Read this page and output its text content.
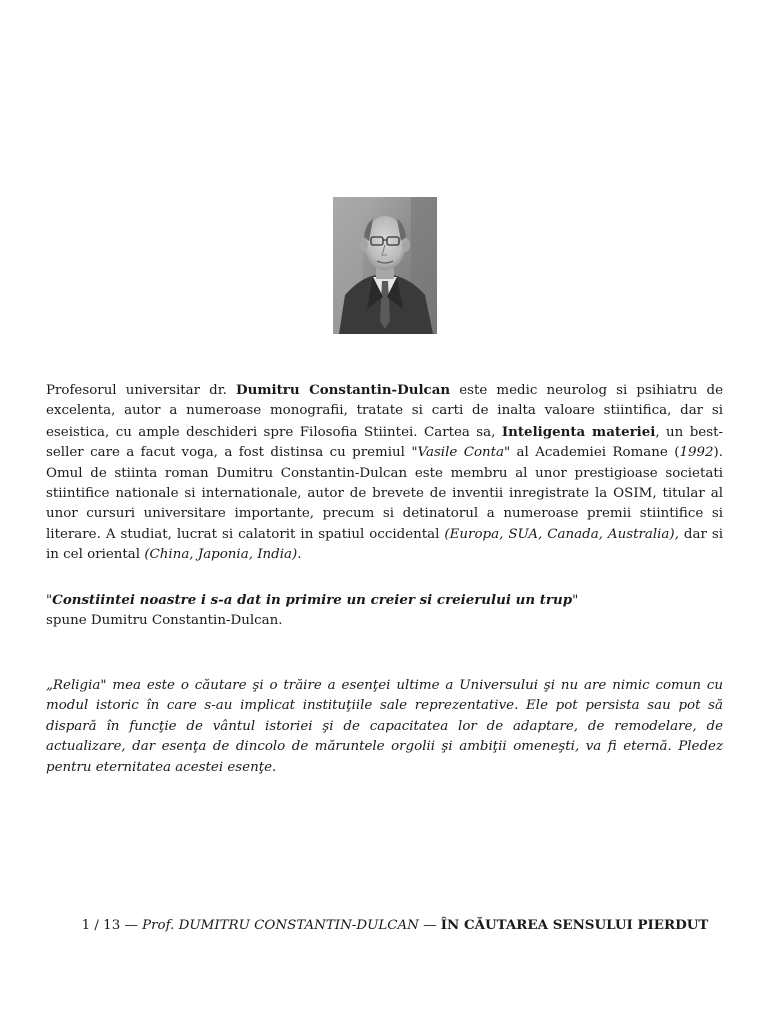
Profesorul universitar dr. Dumitru Constantin-Dulcan este medic neurolog si psihiatru de excelenta, autor a numeroase monografii, tratate si carti de inalta valoare stiintifica, dar si eseistica, cu ample deschideri spre Filosofia Stiintei. Cartea sa, Inteligenta materiei, un best-seller care a facut voga, a fost distinsa cu premiul "Vasile Conta" al Academiei Romane (1992). Omul de stiinta roman Dumitru Constantin-Dulcan este membru al unor prestigioase societati stiintifice nationale si internationale, autor de brevete de inventii inregistrate la OSIM, titular al unor cursuri universitare importante, precum si detinatorul a numeroase premii stiintifice si literare. A studiat, lucrat si calatorit in spatiul occidental (Europa, SUA, Canada, Australia), dar si in cel oriental (China, Japonia, India).
"Constiintei noastre i s-a dat in primire un creier si creierului un trup"
spune Dumitru Constantin-Dulcan.
„Religia" mea este o căutare şi o trăire a esenţei ultime a Universului şi nu are nimic comun cu modul istoric în care s-au implicat instituţiile sale reprezentative. Ele pot persista sau pot să dispară în funcţie de vântul istoriei şi de capacitatea lor de adaptare, de remodelare, de actualizare, dar esenţa de dincolo de măruntele orgolii şi ambiţii omeneşti, va fi eternă. Pledez pentru eternitatea acestei esenţe.
1 / 13 — Prof. DUMITRU CONSTANTIN-DULCAN — ÎN CĂUTAREA SENSULUI PIERDUT
